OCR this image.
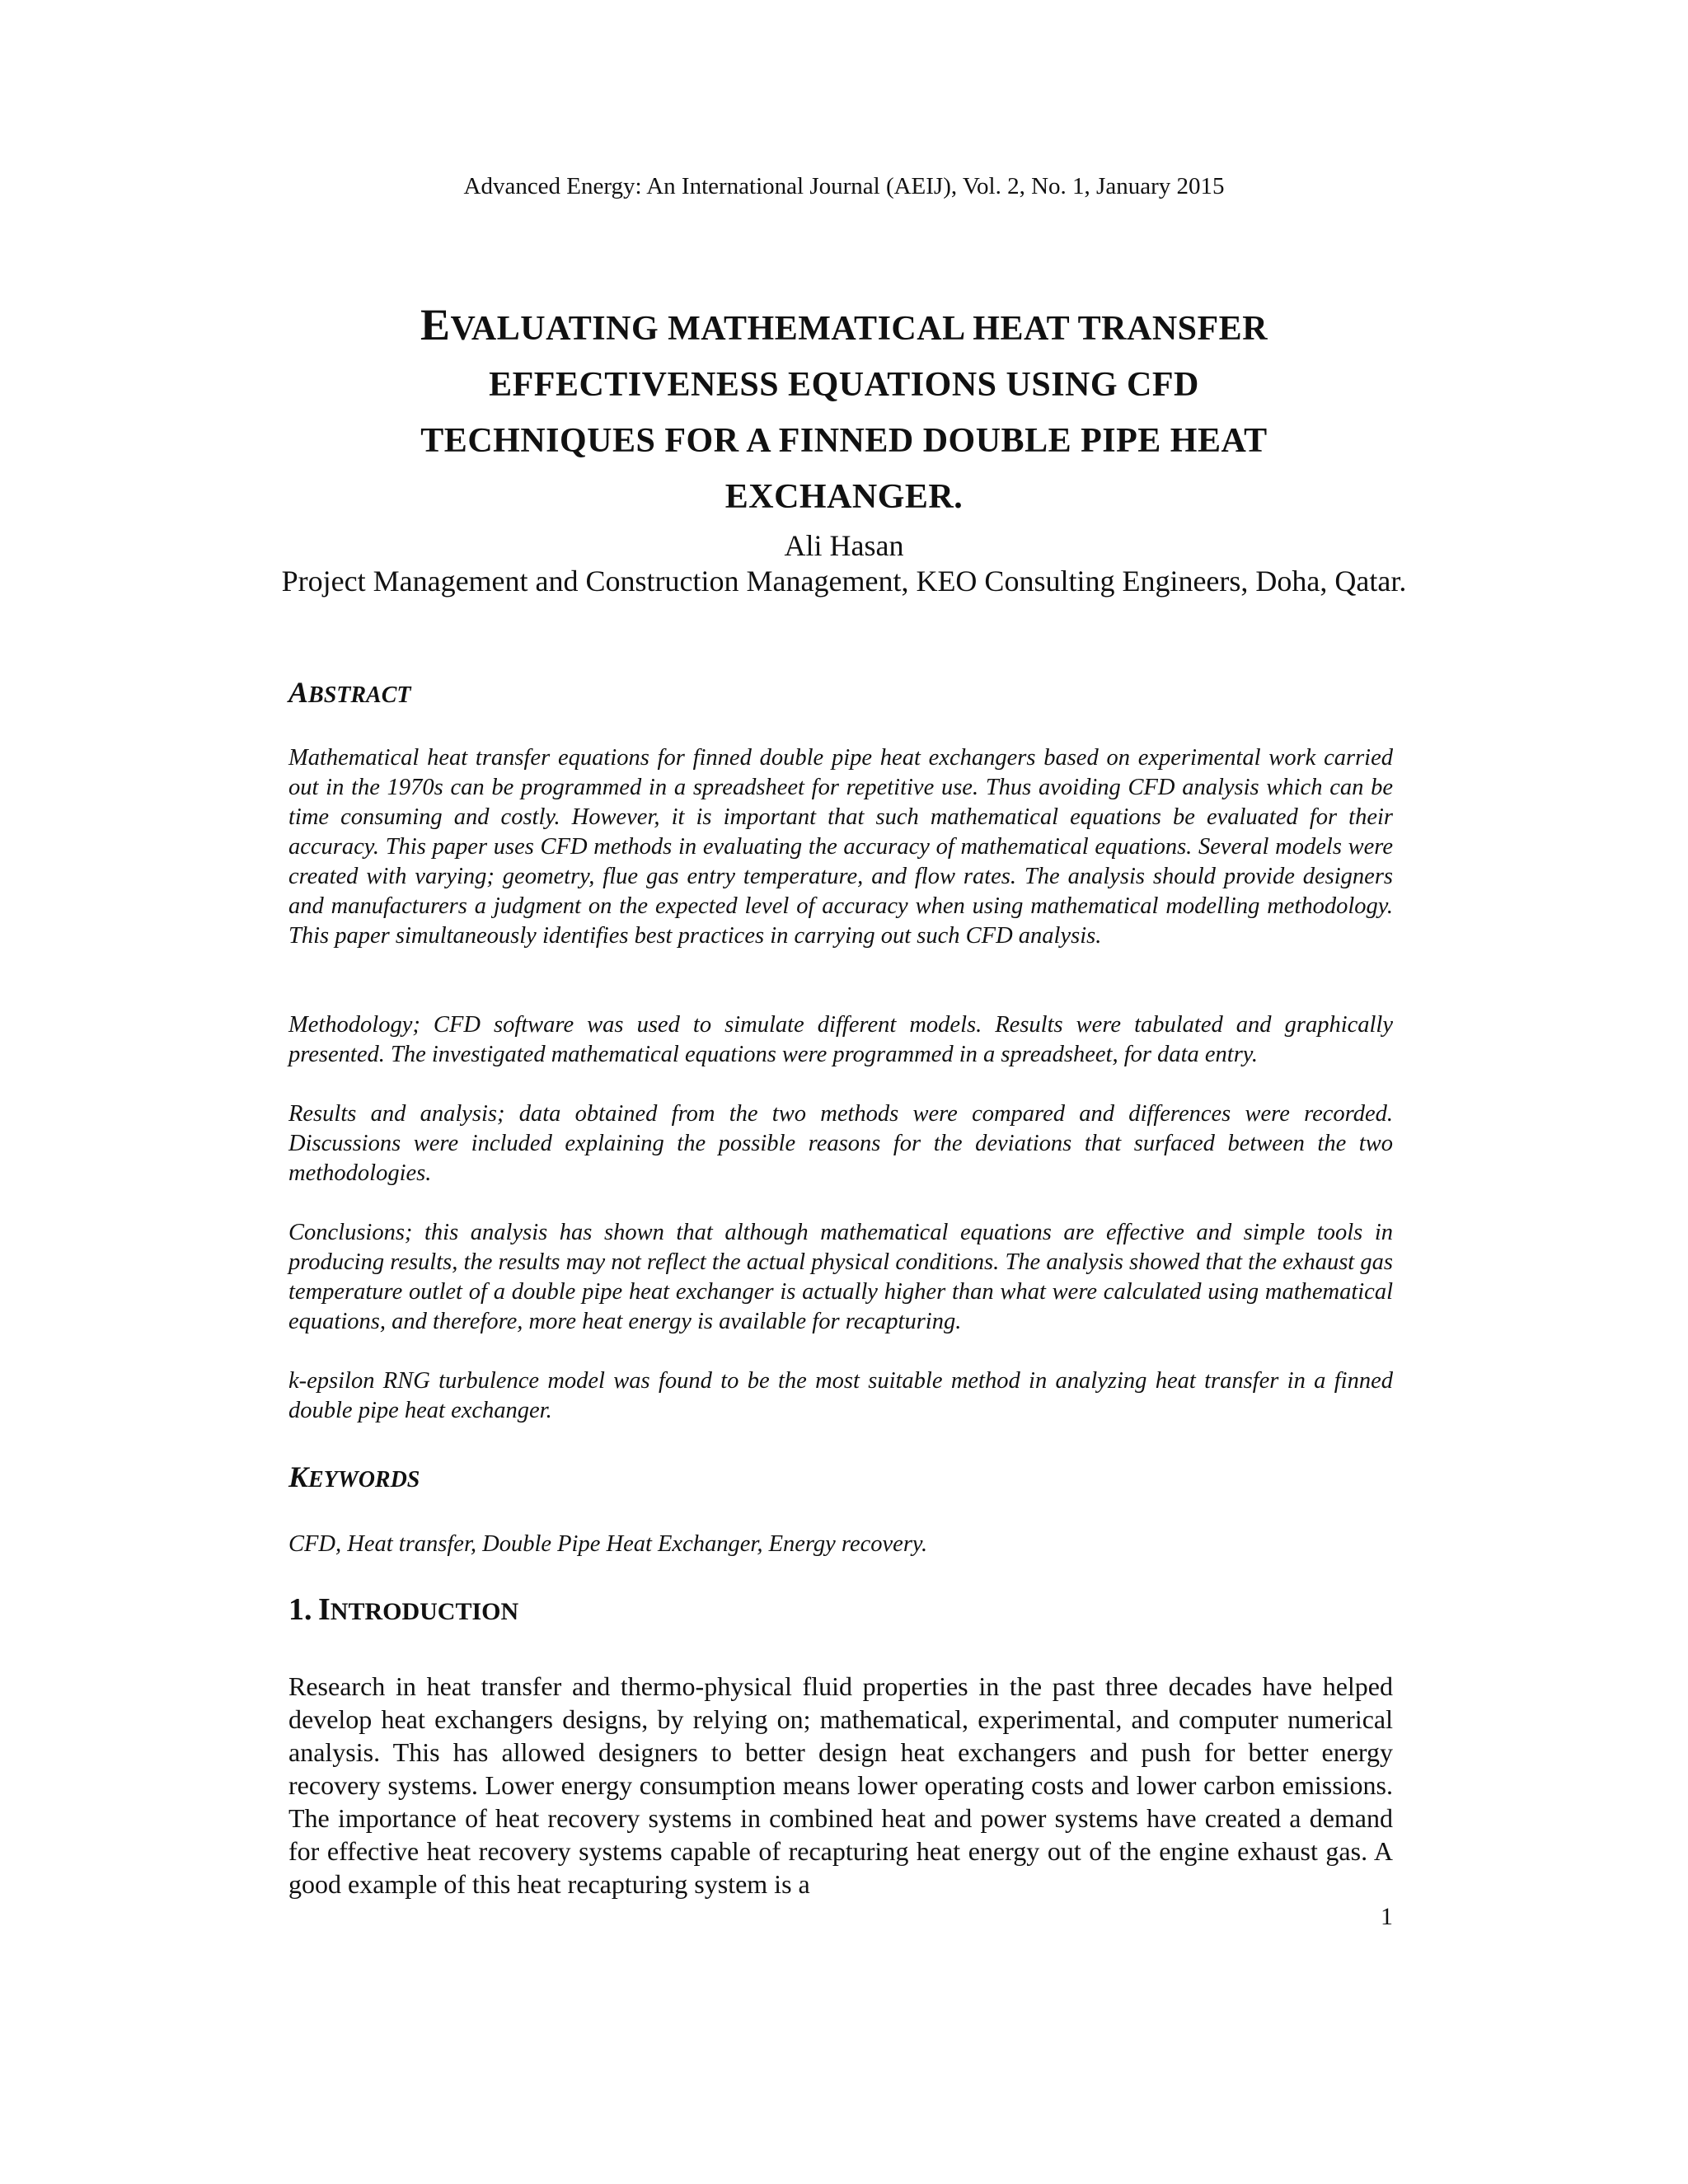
Advanced Energy: An International Journal (AEIJ), Vol. 2, No. 1, January 2015
EVALUATING MATHEMATICAL HEAT TRANSFER
EFFECTIVENESS EQUATIONS USING CFD
TECHNIQUES FOR A FINNED DOUBLE PIPE HEAT
EXCHANGER.
Ali Hasan
Project Management and Construction Management, KEO Consulting Engineers, Doha, Qatar.
ABSTRACT

Mathematical heat transfer equations for finned double pipe heat exchangers based on experimental work carried out in the 1970s can be programmed in a spreadsheet for repetitive use. Thus avoiding CFD analysis which can be time consuming and costly. However, it is important that such mathematical equations be evaluated for their accuracy. This paper uses CFD methods in evaluating the accuracy of mathematical equations. Several models were created with varying; geometry, flue gas entry temperature, and flow rates. The analysis should provide designers and manufacturers a judgment on the expected level of accuracy when using mathematical modelling methodology. This paper simultaneously identifies best practices in carrying out such CFD analysis.

Methodology; CFD software was used to simulate different models. Results were tabulated and graphically presented. The investigated mathematical equations were programmed in a spreadsheet, for data entry.

Results and analysis; data obtained from the two methods were compared and differences were recorded. Discussions were included explaining the possible reasons for the deviations that surfaced between the two methodologies.

Conclusions; this analysis has shown that although mathematical equations are effective and simple tools in producing results, the results may not reflect the actual physical conditions. The analysis showed that the exhaust gas temperature outlet of a double pipe heat exchanger is actually higher than what were calculated using mathematical equations, and therefore, more heat energy is available for recapturing.

k-epsilon RNG turbulence model was found to be the most suitable method in analyzing heat transfer in a finned double pipe heat exchanger.

KEYWORDS

CFD, Heat transfer, Double Pipe Heat Exchanger, Energy recovery.

1. INTRODUCTION

Research in heat transfer and thermo-physical fluid properties in the past three decades have helped develop heat exchangers designs, by relying on; mathematical, experimental, and computer numerical analysis. This has allowed designers to better design heat exchangers and push for better energy recovery systems. Lower energy consumption means lower operating costs and lower carbon emissions. The importance of heat recovery systems in combined heat and power systems have created a demand for effective heat recovery systems capable of recapturing heat energy out of the engine exhaust gas. A good example of this heat recapturing system is a

1
